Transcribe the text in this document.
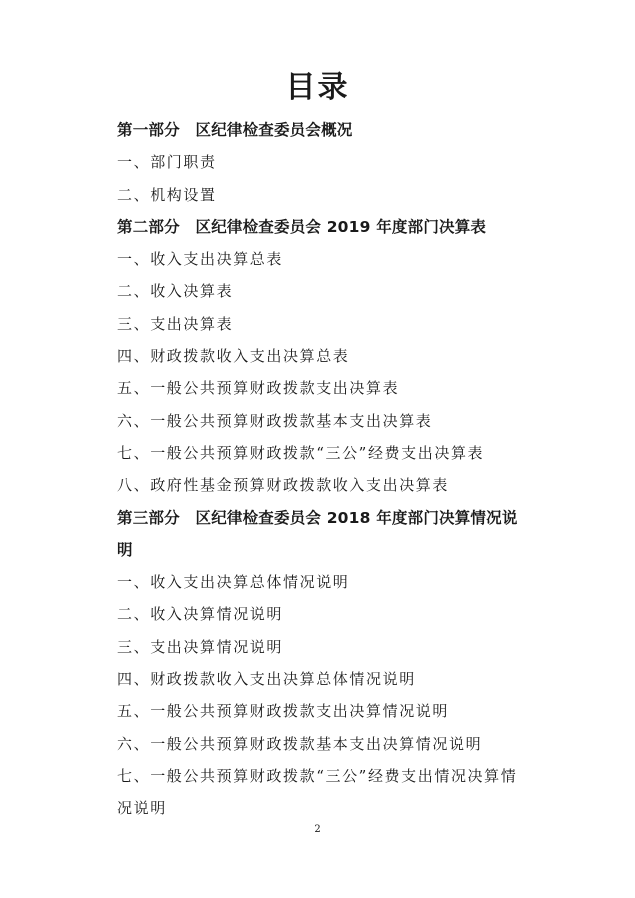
目录
第一部分　区纪律检查委员会概况
一、部门职责
二、机构设置
第二部分　区纪律检查委员会 2019 年度部门决算表
一、收入支出决算总表
二、收入决算表
三、支出决算表
四、财政拨款收入支出决算总表
五、一般公共预算财政拨款支出决算表
六、一般公共预算财政拨款基本支出决算表
七、一般公共预算财政拨款“三公”经费支出决算表
八、政府性基金预算财政拨款收入支出决算表
第三部分　区纪律检查委员会 2018 年度部门决算情况说
明
一、收入支出决算总体情况说明
二、收入决算情况说明
三、支出决算情况说明
四、财政拨款收入支出决算总体情况说明
五、一般公共预算财政拨款支出决算情况说明
六、一般公共预算财政拨款基本支出决算情况说明
七、一般公共预算财政拨款“三公”经费支出情况决算情
况说明
2
